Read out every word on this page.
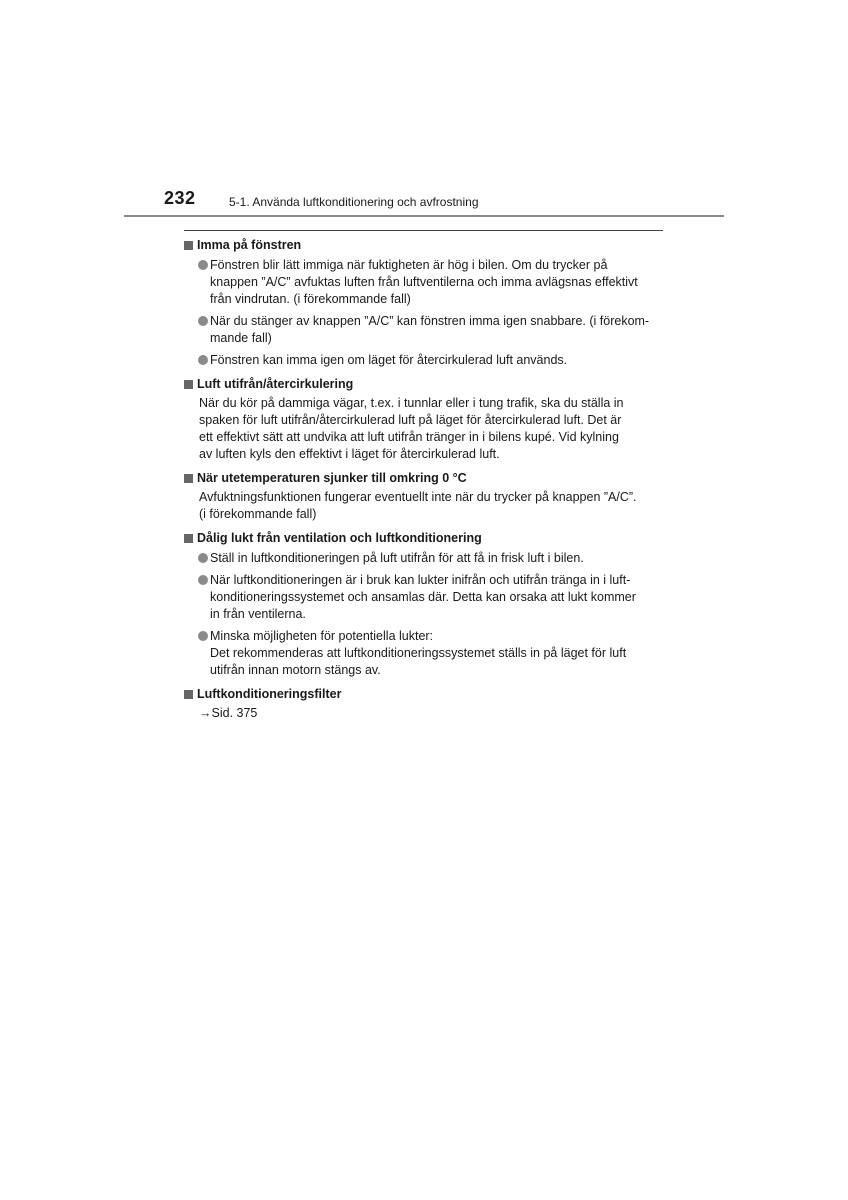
232	5-1. Använda luftkonditionering och avfrostning
Imma på fönstren
Fönstren blir lätt immiga när fuktigheten är hög i bilen. Om du trycker på
knappen ”A/C” avfuktas luften från luftventilerna och imma avlägsnas effektivt
från vindrutan. (i förekommande fall)
När du stänger av knappen ”A/C” kan fönstren imma igen snabbare. (i förekom-
mande fall)
Fönstren kan imma igen om läget för återcirkulerad luft används.
Luft utifrån/återcirkulering
När du kör på dammiga vägar, t.ex. i tunnlar eller i tung trafik, ska du ställa in
spaken för luft utifrån/återcirkulerad luft på läget för återcirkulerad luft. Det är
ett effektivt sätt att undvika att luft utifrån tränger in i bilens kupé. Vid kylning
av luften kyls den effektivt i läget för återcirkulerad luft.
När utetemperaturen sjunker till omkring 0 °C
Avfuktningsfunktionen fungerar eventuellt inte när du trycker på knappen ”A/C”.
(i förekommande fall)
Dålig lukt från ventilation och luftkonditionering
Ställ in luftkonditioneringen på luft utifrån för att få in frisk luft i bilen.
När luftkonditioneringen är i bruk kan lukter inifrån och utifrån tränga in i luft-
konditioneringssystemet och ansamlas där. Detta kan orsaka att lukt kommer
in från ventilerna.
Minska möjligheten för potentiella lukter:
Det rekommenderas att luftkonditioneringssystemet ställs in på läget för luft
utifrån innan motorn stängs av.
Luftkonditioneringsfilter
→Sid. 375
